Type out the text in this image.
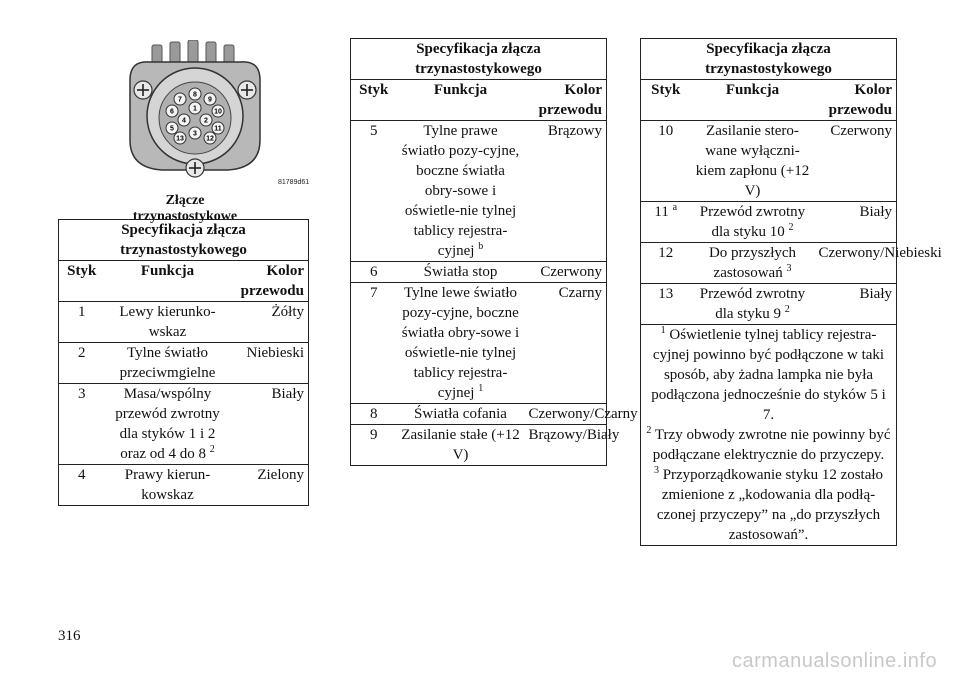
1
2
3
4
5
6
7
8
9
10
11
12
13
81789d61
Złącze trzynastostykowe
Specyfikacja złącza trzynastostykowego		
Styk	Funkcja	Kolor przewodu
1	Lewy kierunko-wskaz	Żółty
2	Tylne światło przeciwmgielne	Niebieski
3	Masa/wspólny przewód zwrotny dla styków 1 i 2 oraz od 4 do 8 $^2$	Biały
4	Prawy kierun-kowskaz	Zielony
Specyfikacja złącza trzynastostykowego		
Styk	Funkcja	Kolor przewodu
5	Tylne prawe światło pozy-cyjne, boczne światła obry-sowe i oświetle-nie tylnej tablicy rejestra-cyjnej $^b$	Brązowy
6	Światła stop	Czerwony
7	Tylne lewe światło pozy-cyjne, boczne światła obry-sowe i oświetle-nie tylnej tablicy rejestra-cyjnej $^1$	Czarny
8	Światła cofania	Czerwony/Czarny
9	Zasilanie stałe (+12 V)	Brązowy/Biały
Specyfikacja złącza trzynastostykowego		
Styk	Funkcja	Kolor przewodu
10	Zasilanie stero-wane wyłączni-kiem zapłonu (+12 V)	Czerwony
11 $^a$	Przewód zwrotny dla styku 10 $^2$	Biały
12	Do przyszłych zastosowań $^3$	Czerwony/Niebieski
13	Przewód zwrotny dla styku 9 $^2$	Biały

$^1$ Oświetlenie tylnej tablicy rejestra-cyjnej powinno być podłączone w taki sposób, aby żadna lampka nie była podłączona jednocześnie do styków 5 i 7.
$^2$ Trzy obwody zwrotne nie powinny być podłączane elektrycznie do przyczepy.
$^3$ Przyporządkowanie styku 12 zostało zmienione z „kodowania dla podłą-czonej przyczepy” na „do przyszłych zastosowań”.		
316
carmanualsonline.info
